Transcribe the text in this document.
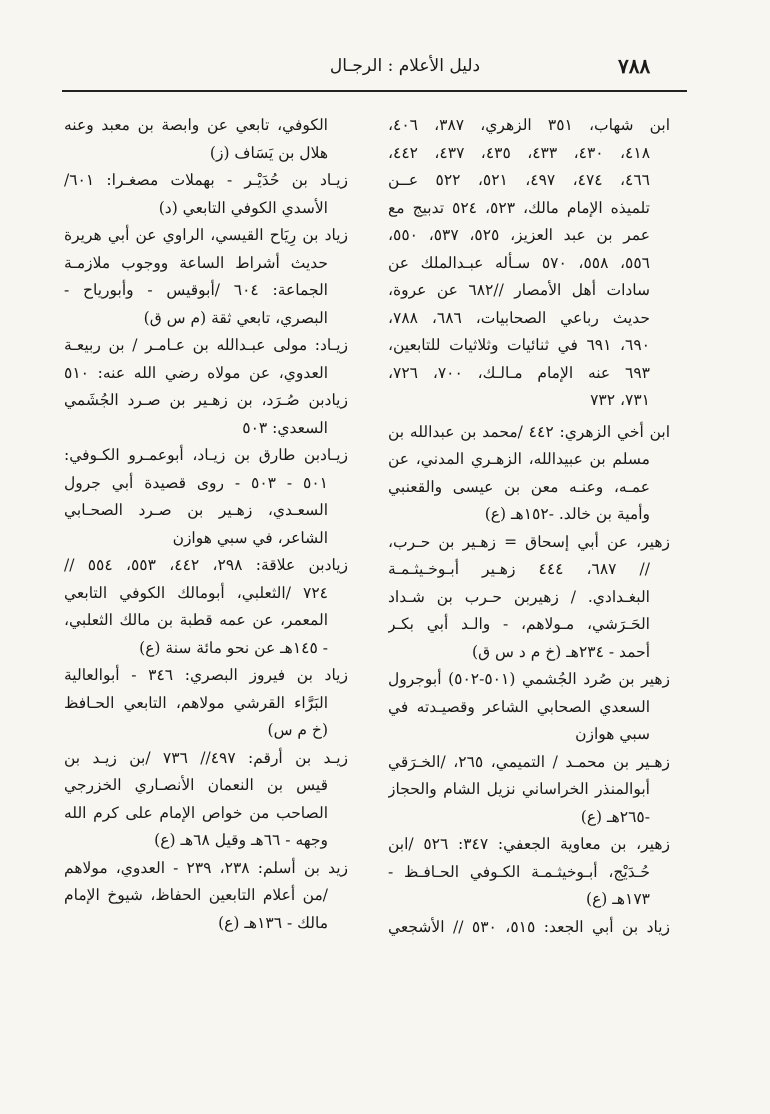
٧٨٨
دليل الأعلام : الرجـال
ابن شهاب، ٣٥١ الزهري، ٣٨٧، ٤٠٦،
٤١٨، ٤٣٠، ٤٣٣، ٤٣٥، ٤٣٧، ٤٤٢،
٤٦٦، ٤٧٤، ٤٩٧، ٥٢١، ٥٢٢ عــن
تلميذه الإمام مالك، ٥٢٣، ٥٢٤ تدبيج مع
عمر بن عبد العزيز، ٥٢٥، ٥٣٧، ٥٥٠،
٥٥٦، ٥٥٨، ٥٧٠ سـأله عبـدالملك عن
سادات أهل الأمصار //٦٨٢ عن عروة،
حديث رباعي الصحابيات، ٦٨٦، ٧٨٨،
٦٩٠، ٦٩١ في ثنائيات وثلاثيات للتابعين،
٦٩٣ عنه الإمام مـالـك، ٧٠٠، ٧٢٦،
٧٣١، ٧٣٢
ابن أخي الزهري: ٤٤٢ /محمد بن عبدالله بن
مسلم بن عبيدالله، الزهـري المدني، عن
عمـه، وعنـه معن بن عيسى والقعنبي
وأمية بن خالد. -١٥٢هـ (ع)
زهير، عن أبي إسحاق = زهـير بن حـرب،
// ٦٨٧، ٤٤٤ زهـير أبـوخـيثـمـة
البغـدادي. / زهيربن حـرب بن شـداد
الحَـرَشي، مـولاهم، - والـد أبي بكـر
أحمد - ٢٣٤هـ (خ م د س ق)
زهير بن صُرد الجُشمي (٥٠١-٥٠٢) أبوجرول
السعدي الصحابي الشاعر وقصيـدته في
سبي هوازن
زهـير بن محمـد / التميمي، ٢٦٥، /الخـرَقي
أبوالمنذر الخراساني نزيل الشام والحجاز
-٢٦٥هـ (ع)
زهير، بن معاوية الجعفي: ٣٤٧: ٥٢٦ /ابن
حُـدَيْج، أبـوخيثـمـة الكـوفي الحـافـظ -
١٧٣هـ (ع)
زياد بن أبي الجعد: ٥١٥، ٥٣٠ // الأشجعي
الكوفي، تابعي عن وابصة بن معبد وعنه
هلال بن يَسَاف (ز)
زيـاد بن حُدَيْـر - بهملات مصغـرا: ٦٠١/
الأسدي الكوفي التابعي (د)
زياد بن رِيَاح القيسي، الراوي عن أبي هريرة
حديث أشراط الساعة ووجوب ملازمـة
الجماعة: ٦٠٤ /أبوقيس - وأبورياح -
البصري، تابعي ثقة (م س ق)
زيـاد: مولى عبـدالله بن عـامـر / بن ربيعـة
العدوي، عن مولاه رضي الله عنه: ٥١٠
زيادبن صُـرَد، بن زهـير بن صـرد الجُشَمي
السعدي: ٥٠٣
زيـادبن طارق بن زيـاد، أبوعمـرو الكـوفي:
٥٠١ - ٥٠٣ - روى قصيدة أبي جرول
السعـدي، زهـير بن صـرد الصحـابي
الشاعر، في سبي هوازن
زيادبن علاقة: ٢٩٨، ٤٤٢، ٥٥٣، ٥٥٤ //
٧٢٤ /الثعلبي، أبومالك الكوفي التابعي
المعمر، عن عمه قطبة بن مالك الثعلبي،
- ١٤٥هـ عن نحو مائة سنة (ع)
زياد بن فيروز البصري: ٣٤٦ - أبوالعالية
البَرَّاء القرشي مولاهم، التابعي الحـافظ
(خ م س)
زيـد بن أرقم: ٤٩٧// ٧٣٦ /بن زيـد بن
قيس بن النعمان الأنصـاري الخزرجي
الصاحب من خواص الإمام على كرم الله
وجهه - ٦٦هـ وقيل ٦٨هـ (ع)
زيد بن أسلم: ٢٣٨، ٢٣٩ - العدوي، مولاهم
/من أعلام التابعين الحفاظ، شيوخ الإمام
مالك - ١٣٦هـ (ع)
